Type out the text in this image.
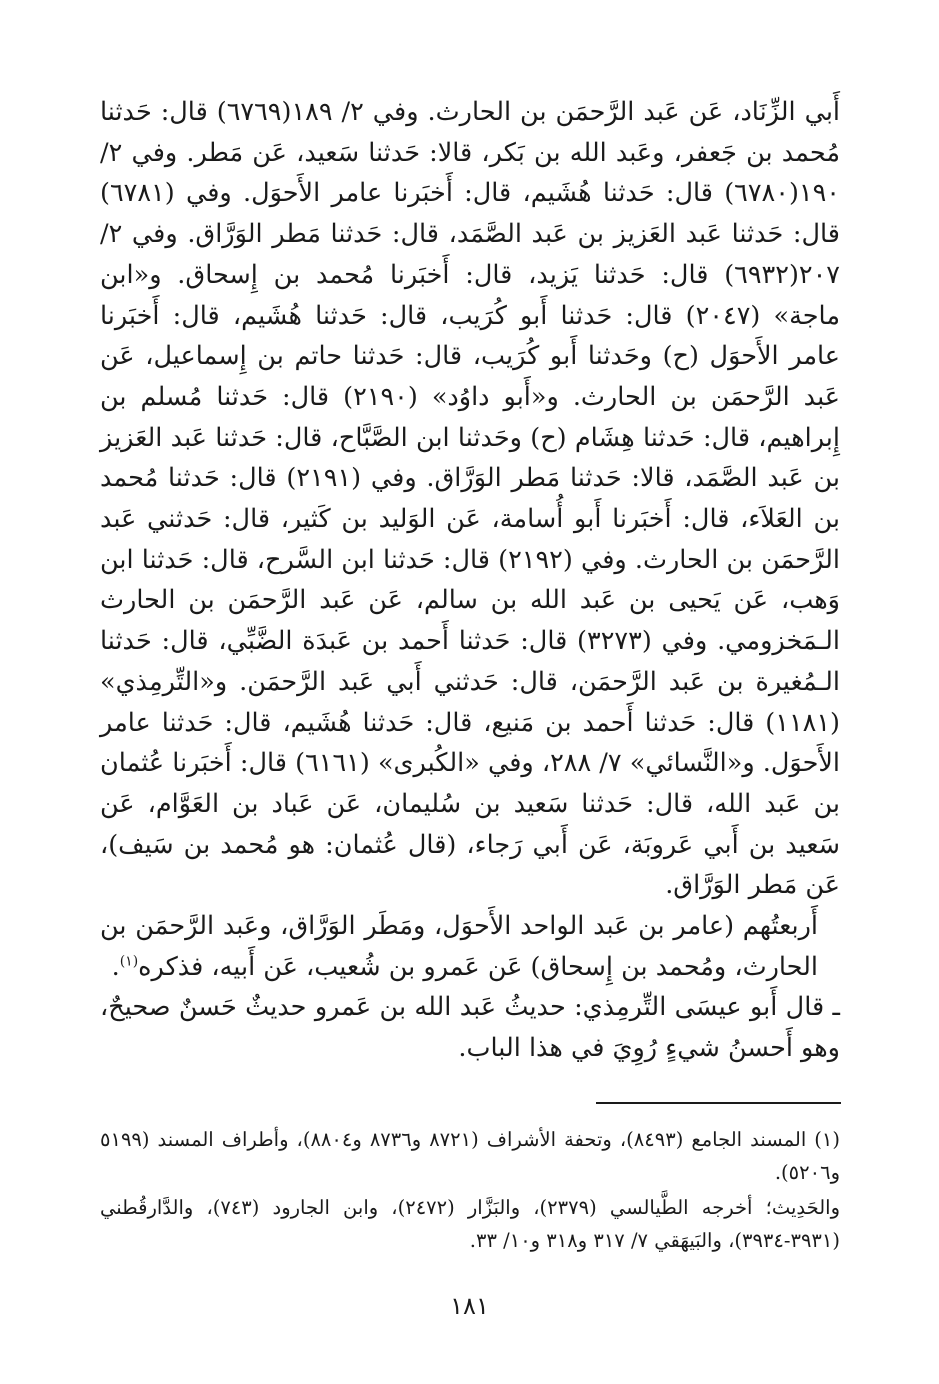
أَبي الزِّنَاد، عَن عَبد الرَّحمَن بن الحارث. وفي ٢/ ١٨٩(٦٧٦٩) قال: حَدثنا مُحمد بن جَعفر، وعَبد الله بن بَكر، قالا: حَدثنا سَعيد، عَن مَطر. وفي ٢/ ١٩٠(٦٧٨٠) قال: حَدثنا هُشَيم، قال: أَخبَرنا عامر الأَحوَل. وفي (٦٧٨١) قال: حَدثنا عَبد العَزيز بن عَبد الصَّمَد، قال: حَدثنا مَطر الوَرَّاق. وفي ٢/ ٢٠٧(٦٩٣٢) قال: حَدثنا يَزيد، قال: أَخبَرنا مُحمد بن إِسحاق. و«ابن ماجة» (٢٠٤٧) قال: حَدثنا أَبو كُرَيب، قال: حَدثنا هُشَيم، قال: أَخبَرنا عامر الأَحوَل (ح) وحَدثنا أَبو كُرَيب، قال: حَدثنا حاتم بن إِسماعيل، عَن عَبد الرَّحمَن بن الحارث. و«أَبو داوُد» (٢١٩٠) قال: حَدثنا مُسلم بن إِبراهيم، قال: حَدثنا هِشَام (ح) وحَدثنا ابن الصَّبَّاح، قال: حَدثنا عَبد العَزيز بن عَبد الصَّمَد، قالا: حَدثنا مَطر الوَرَّاق. وفي (٢١٩١) قال: حَدثنا مُحمد بن العَلاَء، قال: أَخبَرنا أَبو أُسامة، عَن الوَليد بن كَثير، قال: حَدثني عَبد الرَّحمَن بن الحارث. وفي (٢١٩٢) قال: حَدثنا ابن السَّرح، قال: حَدثنا ابن وَهب، عَن يَحيى بن عَبد الله بن سالم، عَن عَبد الرَّحمَن بن الحارث الـمَخزومي. وفي (٣٢٧٣) قال: حَدثنا أَحمد بن عَبدَة الضَّبِّي، قال: حَدثنا الـمُغيرة بن عَبد الرَّحمَن، قال: حَدثني أَبي عَبد الرَّحمَن. و«التِّرمِذي» (١١٨١) قال: حَدثنا أَحمد بن مَنيع، قال: حَدثنا هُشَيم، قال: حَدثنا عامر الأَحوَل. و«النَّسائي» ٧/ ٢٨٨، وفي «الكُبرى» (٦١٦١) قال: أَخبَرنا عُثمان بن عَبد الله، قال: حَدثنا سَعيد بن سُليمان، عَن عَباد بن العَوَّام، عَن سَعيد بن أَبي عَروبَة، عَن أَبي رَجاء، (قال عُثمان: هو مُحمد بن سَيف)، عَن مَطر الوَرَّاق.

أَربعتُهم (عامر بن عَبد الواحد الأَحوَل، ومَطَر الوَرَّاق، وعَبد الرَّحمَن بن الحارث، ومُحمد بن إِسحاق) عَن عَمرو بن شُعيب، عَن أَبيه، فذكره$^{(١)}$.

ـ قال أَبو عيسَى التِّرمِذي: حديثُ عَبد الله بن عَمرو حديثٌ حَسنٌ صحيحٌ، وهو أَحسنُ شيءٍ رُوِيَ في هذا الباب.

(١) المسند الجامع (٨٤٩٣)، وتحفة الأشراف (٨٧٢١ و٨٧٣٦ و٨٨٠٤)، وأطراف المسند (٥١٩٩ و٥٢٠٦).

والحَدِيث؛ أخرجه الطَّيالسي (٢٣٧٩)، والبَزَّار (٢٤٧٢)، وابن الجارود (٧٤٣)، والدَّارقُطني (٣٩٣١-٣٩٣٤)، والبَيهَقي ٧/ ٣١٧ و٣١٨ و١٠/ ٣٣.

١٨١
